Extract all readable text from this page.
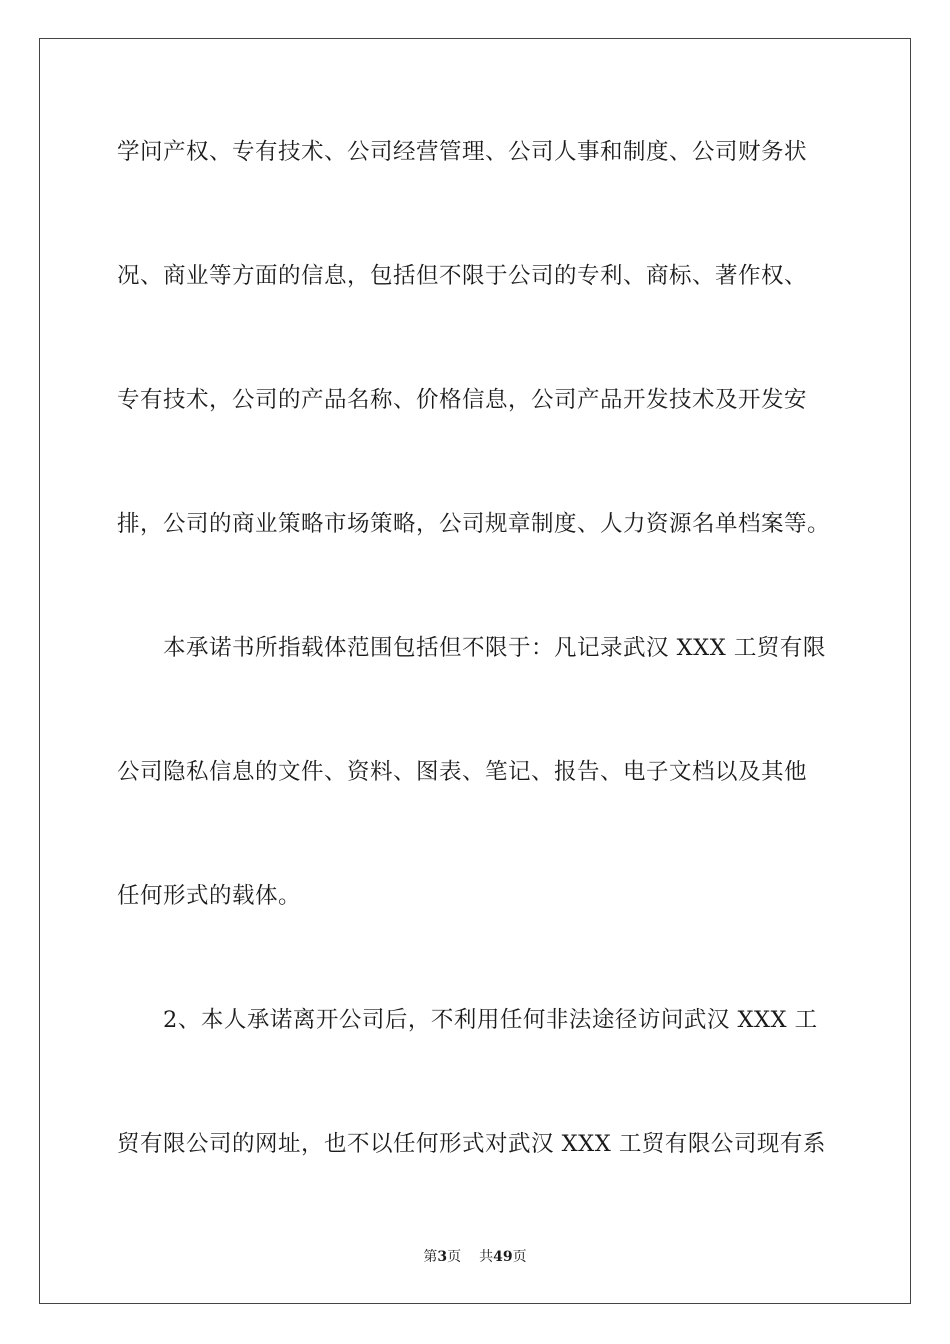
学问产权、专有技术、公司经营管理、公司人事和制度、公司财务状
况、商业等方面的信息，包括但不限于公司的专利、商标、著作权、
专有技术，公司的产品名称、价格信息，公司产品开发技术及开发安
排，公司的商业策略市场策略，公司规章制度、人力资源名单档案等。
本承诺书所指载体范围包括但不限于：凡记录武汉 XXX 工贸有限
公司隐私信息的文件、资料、图表、笔记、报告、电子文档以及其他
任何形式的载体。
2、本人承诺离开公司后，不利用任何非法途径访问武汉 XXX 工
贸有限公司的网址，也不以任何形式对武汉 XXX 工贸有限公司现有系
第3页 共49页
